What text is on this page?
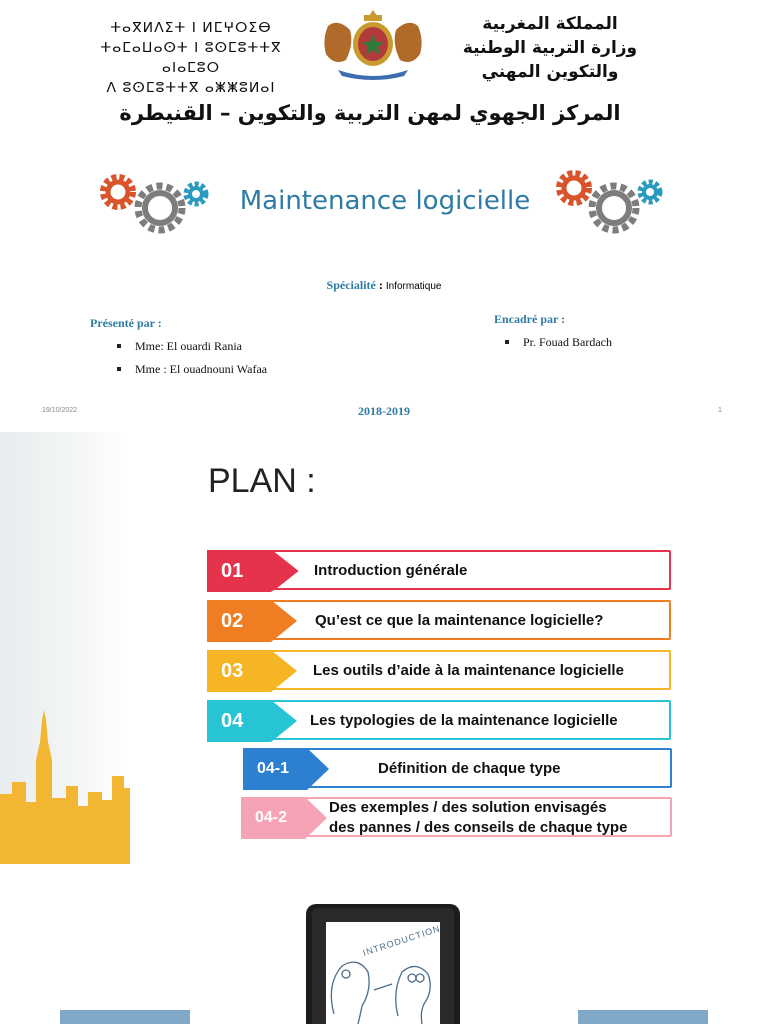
ⵜⴰⴳⵍⴷⵉⵜ ⵏ ⵍⵎⵖⵔⵉⴱ
ⵜⴰⵎⴰⵡⴰⵙⵜ ⵏ ⵓⵙⵎⵓⵜⵜⴳ ⴰⵏⴰⵎⵓⵔ
ⴷ ⵓⵙⵎⵓⵜⵜⴳ ⴰⵥⵥⵓⵍⴰⵏ
المملكة المغربية
وزارة التربية الوطنية
والتكوين المهني
المركز الجهوي لمهن التربية والتكوين – القنيطرة
Maintenance logicielle
Spécialité : Informatique
Présenté par :
Mme: El ouardi Rania
Mme : El ouadnouni Wafaa
Encadré par :
Pr. Fouad Bardach
19/10/2022	2018-2019	1
PLAN :
01	Introduction générale
02	Qu’est ce que la maintenance logicielle?
03	Les outils d’aide à la maintenance logicielle
04	Les typologies de la maintenance logicielle
04-1	Définition de chaque type
04-2
Des exemples / des solution envisagés
des pannes / des conseils de chaque type
INTRODUCTION
